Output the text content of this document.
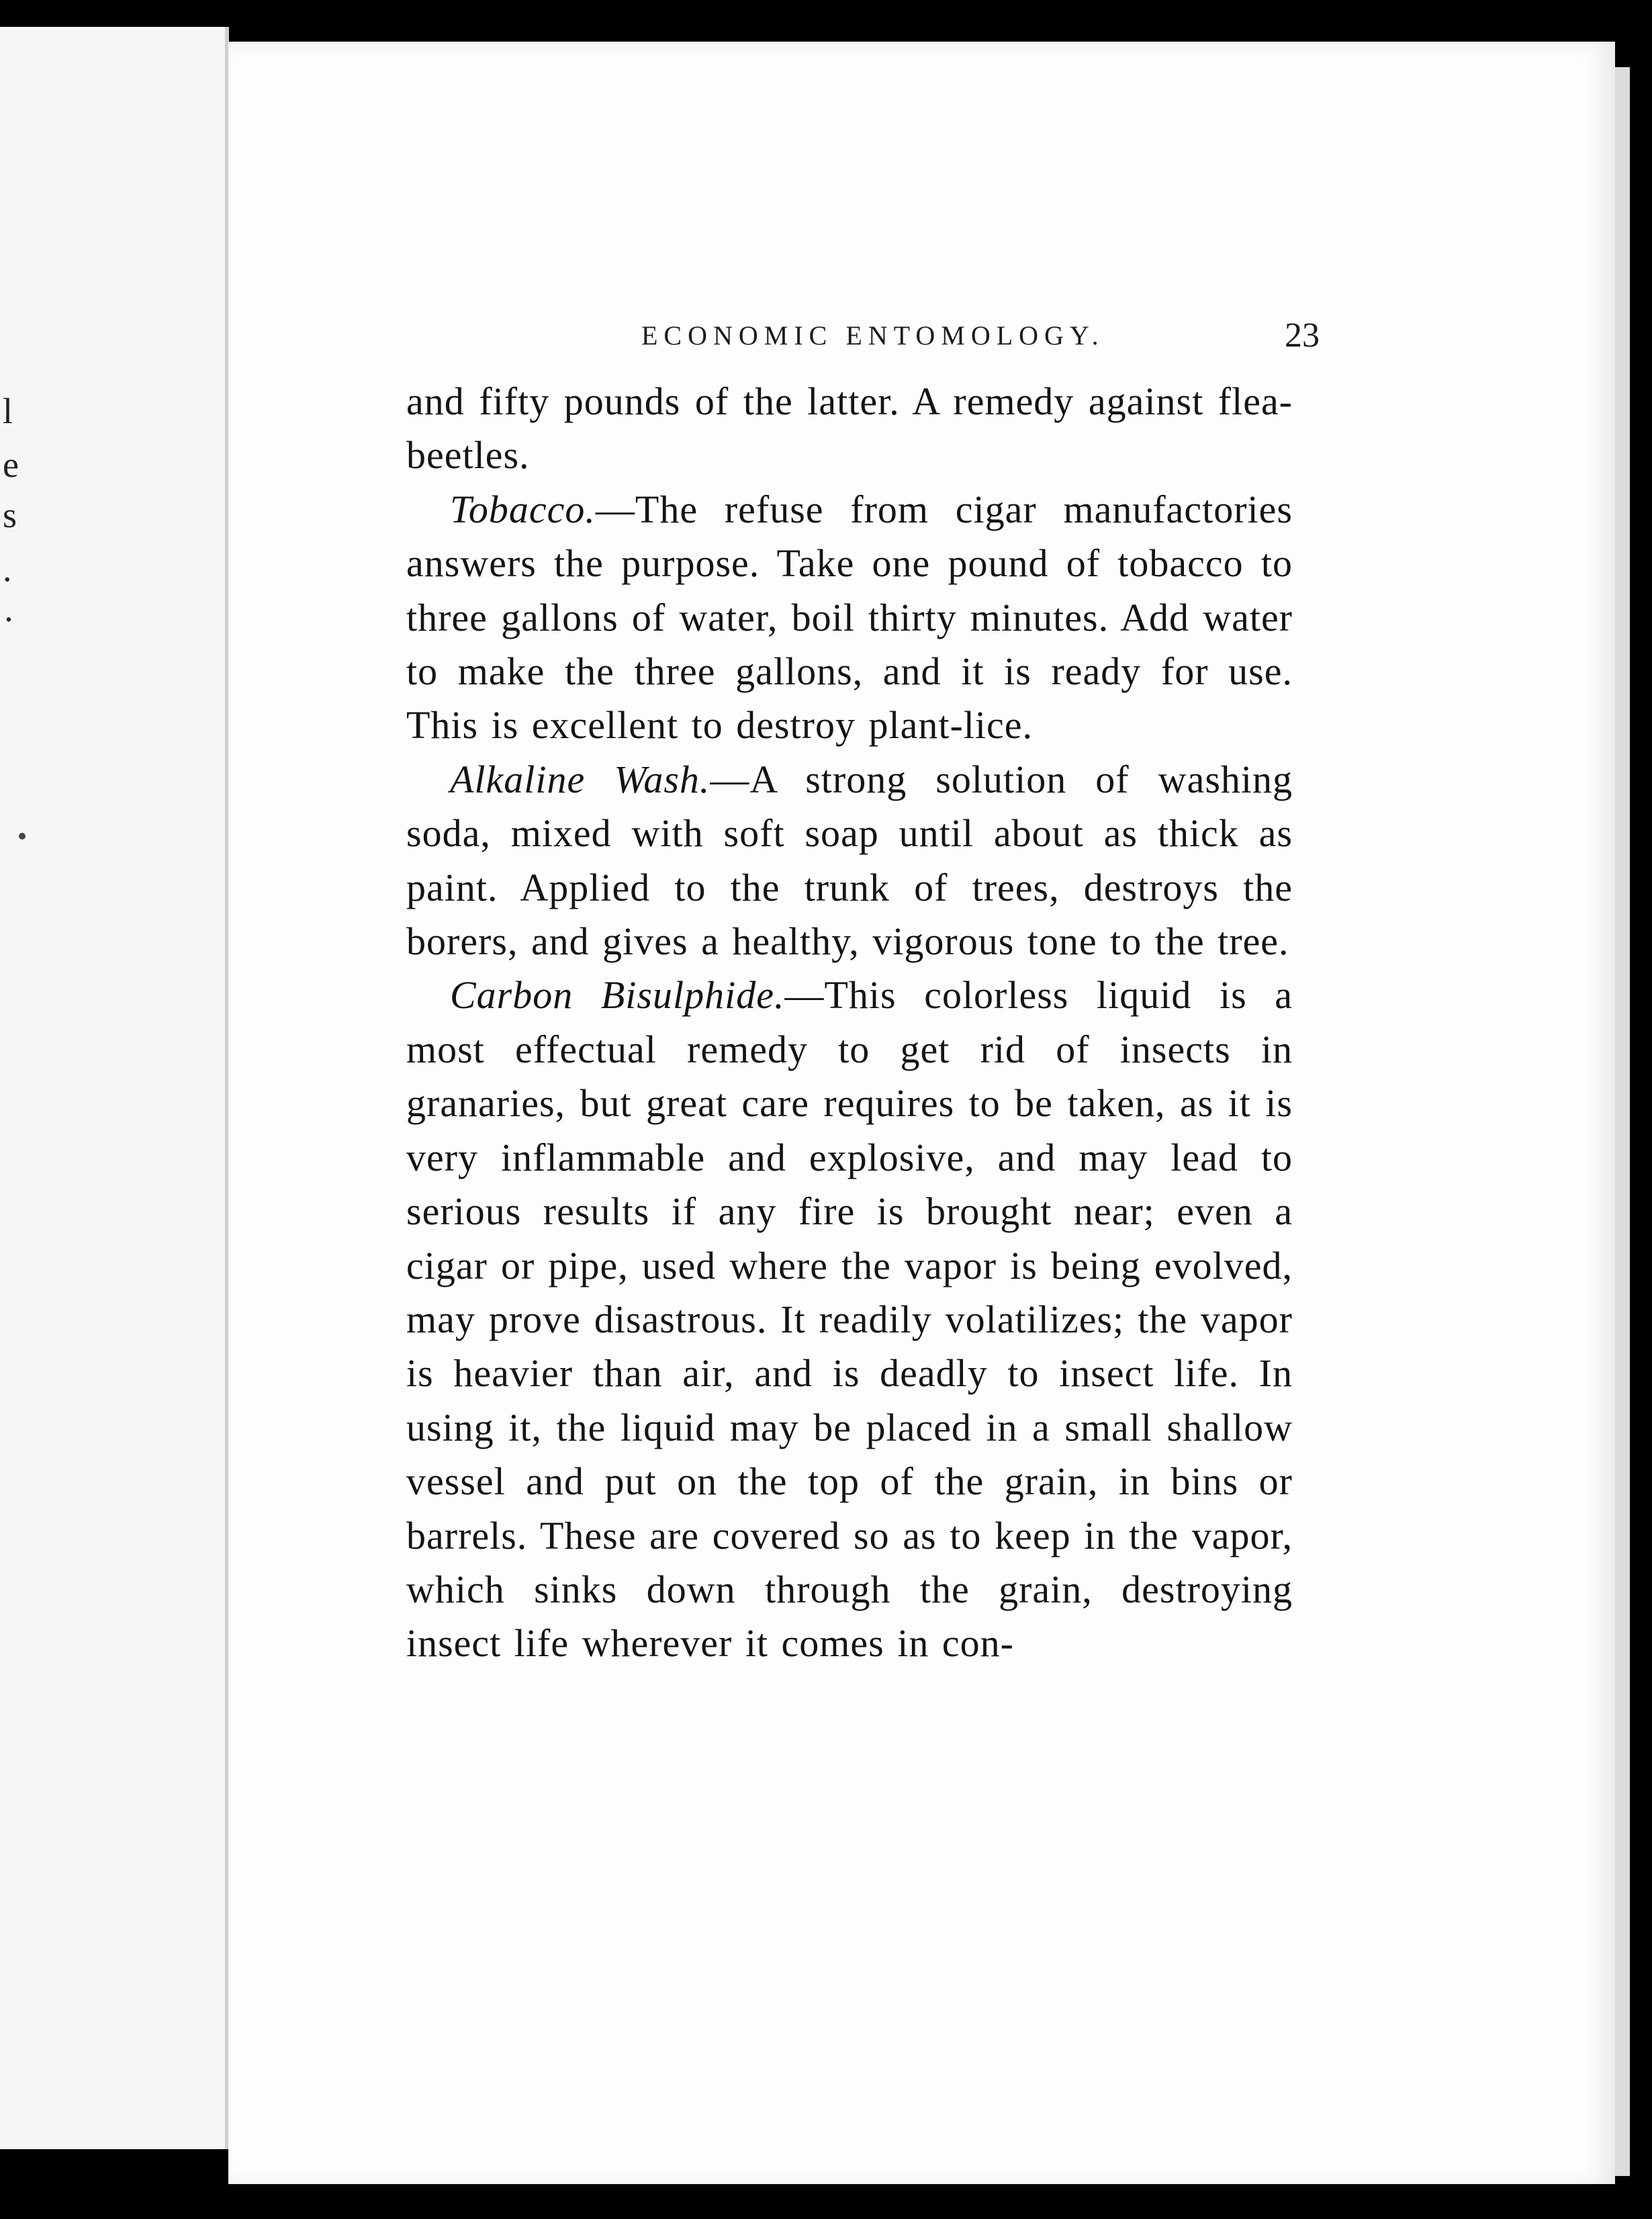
l
e
s
.
·
ECONOMIC ENTOMOLOGY.	23

and fifty pounds of the latter. A remedy against flea-beetles.

Tobacco.—The refuse from cigar manufactories answers the purpose. Take one pound of tobacco to three gallons of water, boil thirty minutes. Add water to make the three gallons, and it is ready for use. This is excellent to destroy plant-lice.

Alkaline Wash.—A strong solution of washing soda, mixed with soft soap until about as thick as paint. Applied to the trunk of trees, destroys the borers, and gives a healthy, vigorous tone to the tree.

Carbon Bisulphide.—This colorless liquid is a most effectual remedy to get rid of insects in granaries, but great care requires to be taken, as it is very inflammable and explosive, and may lead to serious results if any fire is brought near; even a cigar or pipe, used where the vapor is being evolved, may prove disastrous. It readily volatilizes; the vapor is heavier than air, and is deadly to insect life. In using it, the liquid may be placed in a small shallow vessel and put on the top of the grain, in bins or barrels. These are covered so as to keep in the vapor, which sinks down through the grain, destroying insect life wherever it comes in con-
